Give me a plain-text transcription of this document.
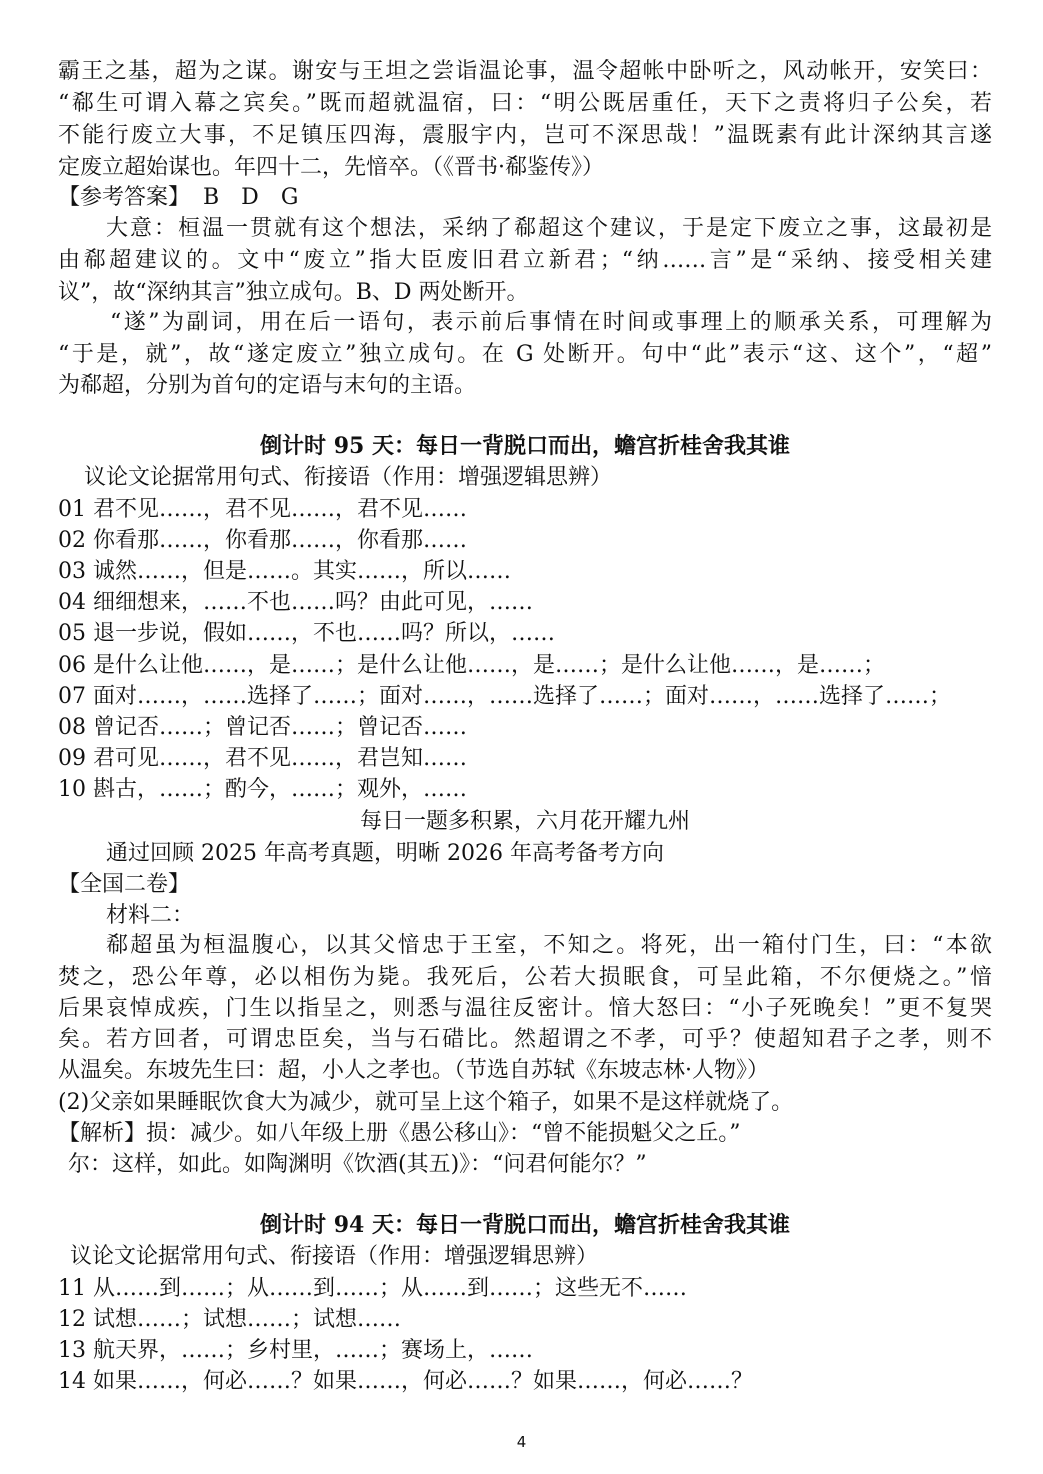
霸王之基，超为之谋。谢安与王坦之尝诣温论事，温令超帐中卧听之，风动帐开，安笑曰：
“郗生可谓入幕之宾矣。”既而超就温宿，曰：“明公既居重任，天下之责将归子公矣，若
不能行废立大事，不足镇压四海，震服宇内，岂可不深思哉！”温既素有此计深纳其言遂
定废立超始谋也。年四十二，先愔卒。（《晋书·郗鉴传》）
【参考答案】 B　D　G
大意：桓温一贯就有这个想法，采纳了郗超这个建议，于是定下废立之事，这最初是
由郗超建议的。文中“废立”指大臣废旧君立新君；“纳……言”是“采纳、接受相关建
议”，故“深纳其言”独立成句。B、D 两处断开。
“遂”为副词，用在后一语句，表示前后事情在时间或事理上的顺承关系，可理解为
“于是，就”，故“遂定废立”独立成句。在 G 处断开。句中“此”表示“这、这个”，“超”
为郗超，分别为首句的定语与末句的主语。
倒计时 95 天：每日一背脱口而出，蟾宫折桂舍我其谁
议论文论据常用句式、衔接语（作用：增强逻辑思辨）
01 君不见……，君不见……，君不见……
02 你看那……，你看那……，你看那……
03 诚然……，但是……。其实……，所以……
04 细细想来，……不也……吗？由此可见，……
05 退一步说，假如……，不也……吗？所以，……
06 是什么让他……，是……；是什么让他……，是……；是什么让他……，是……；
07 面对……，……选择了……；面对……，……选择了……；面对……，……选择了……；
08 曾记否……；曾记否……；曾记否……
09 君可见……，君不见……，君岂知……
10 斟古，……；酌今，……；观外，……
每日一题多积累，六月花开耀九州
通过回顾 2025 年高考真题，明晰 2026 年高考备考方向
【全国二卷】
材料二：
郗超虽为桓温腹心，以其父愔忠于王室，不知之。将死，出一箱付门生，曰：“本欲
焚之，恐公年尊，必以相伤为毙。我死后，公若大损眠食，可呈此箱，不尔便烧之。”愔
后果哀悼成疾，门生以指呈之，则悉与温往反密计。愔大怒曰：“小子死晚矣！”更不复哭
矣。若方回者，可谓忠臣矣，当与石碏比。然超谓之不孝，可乎？使超知君子之孝，则不
从温矣。东坡先生曰：超，小人之孝也。（节选自苏轼《东坡志林·人物》）
(2)父亲如果睡眠饮食大为减少，就可呈上这个箱子，如果不是这样就烧了。
【解析】损：减少。如八年级上册《愚公移山》：“曾不能损魁父之丘。”
尔：这样，如此。如陶渊明《饮酒(其五)》：“问君何能尔？”
倒计时 94 天：每日一背脱口而出，蟾宫折桂舍我其谁
议论文论据常用句式、衔接语（作用：增强逻辑思辨）
11 从……到……；从……到……；从……到……；这些无不……
12 试想……；试想……；试想……
13 航天界，……；乡村里，……；赛场上，……
14 如果……，何必……？如果……，何必……？如果……，何必……？
4
